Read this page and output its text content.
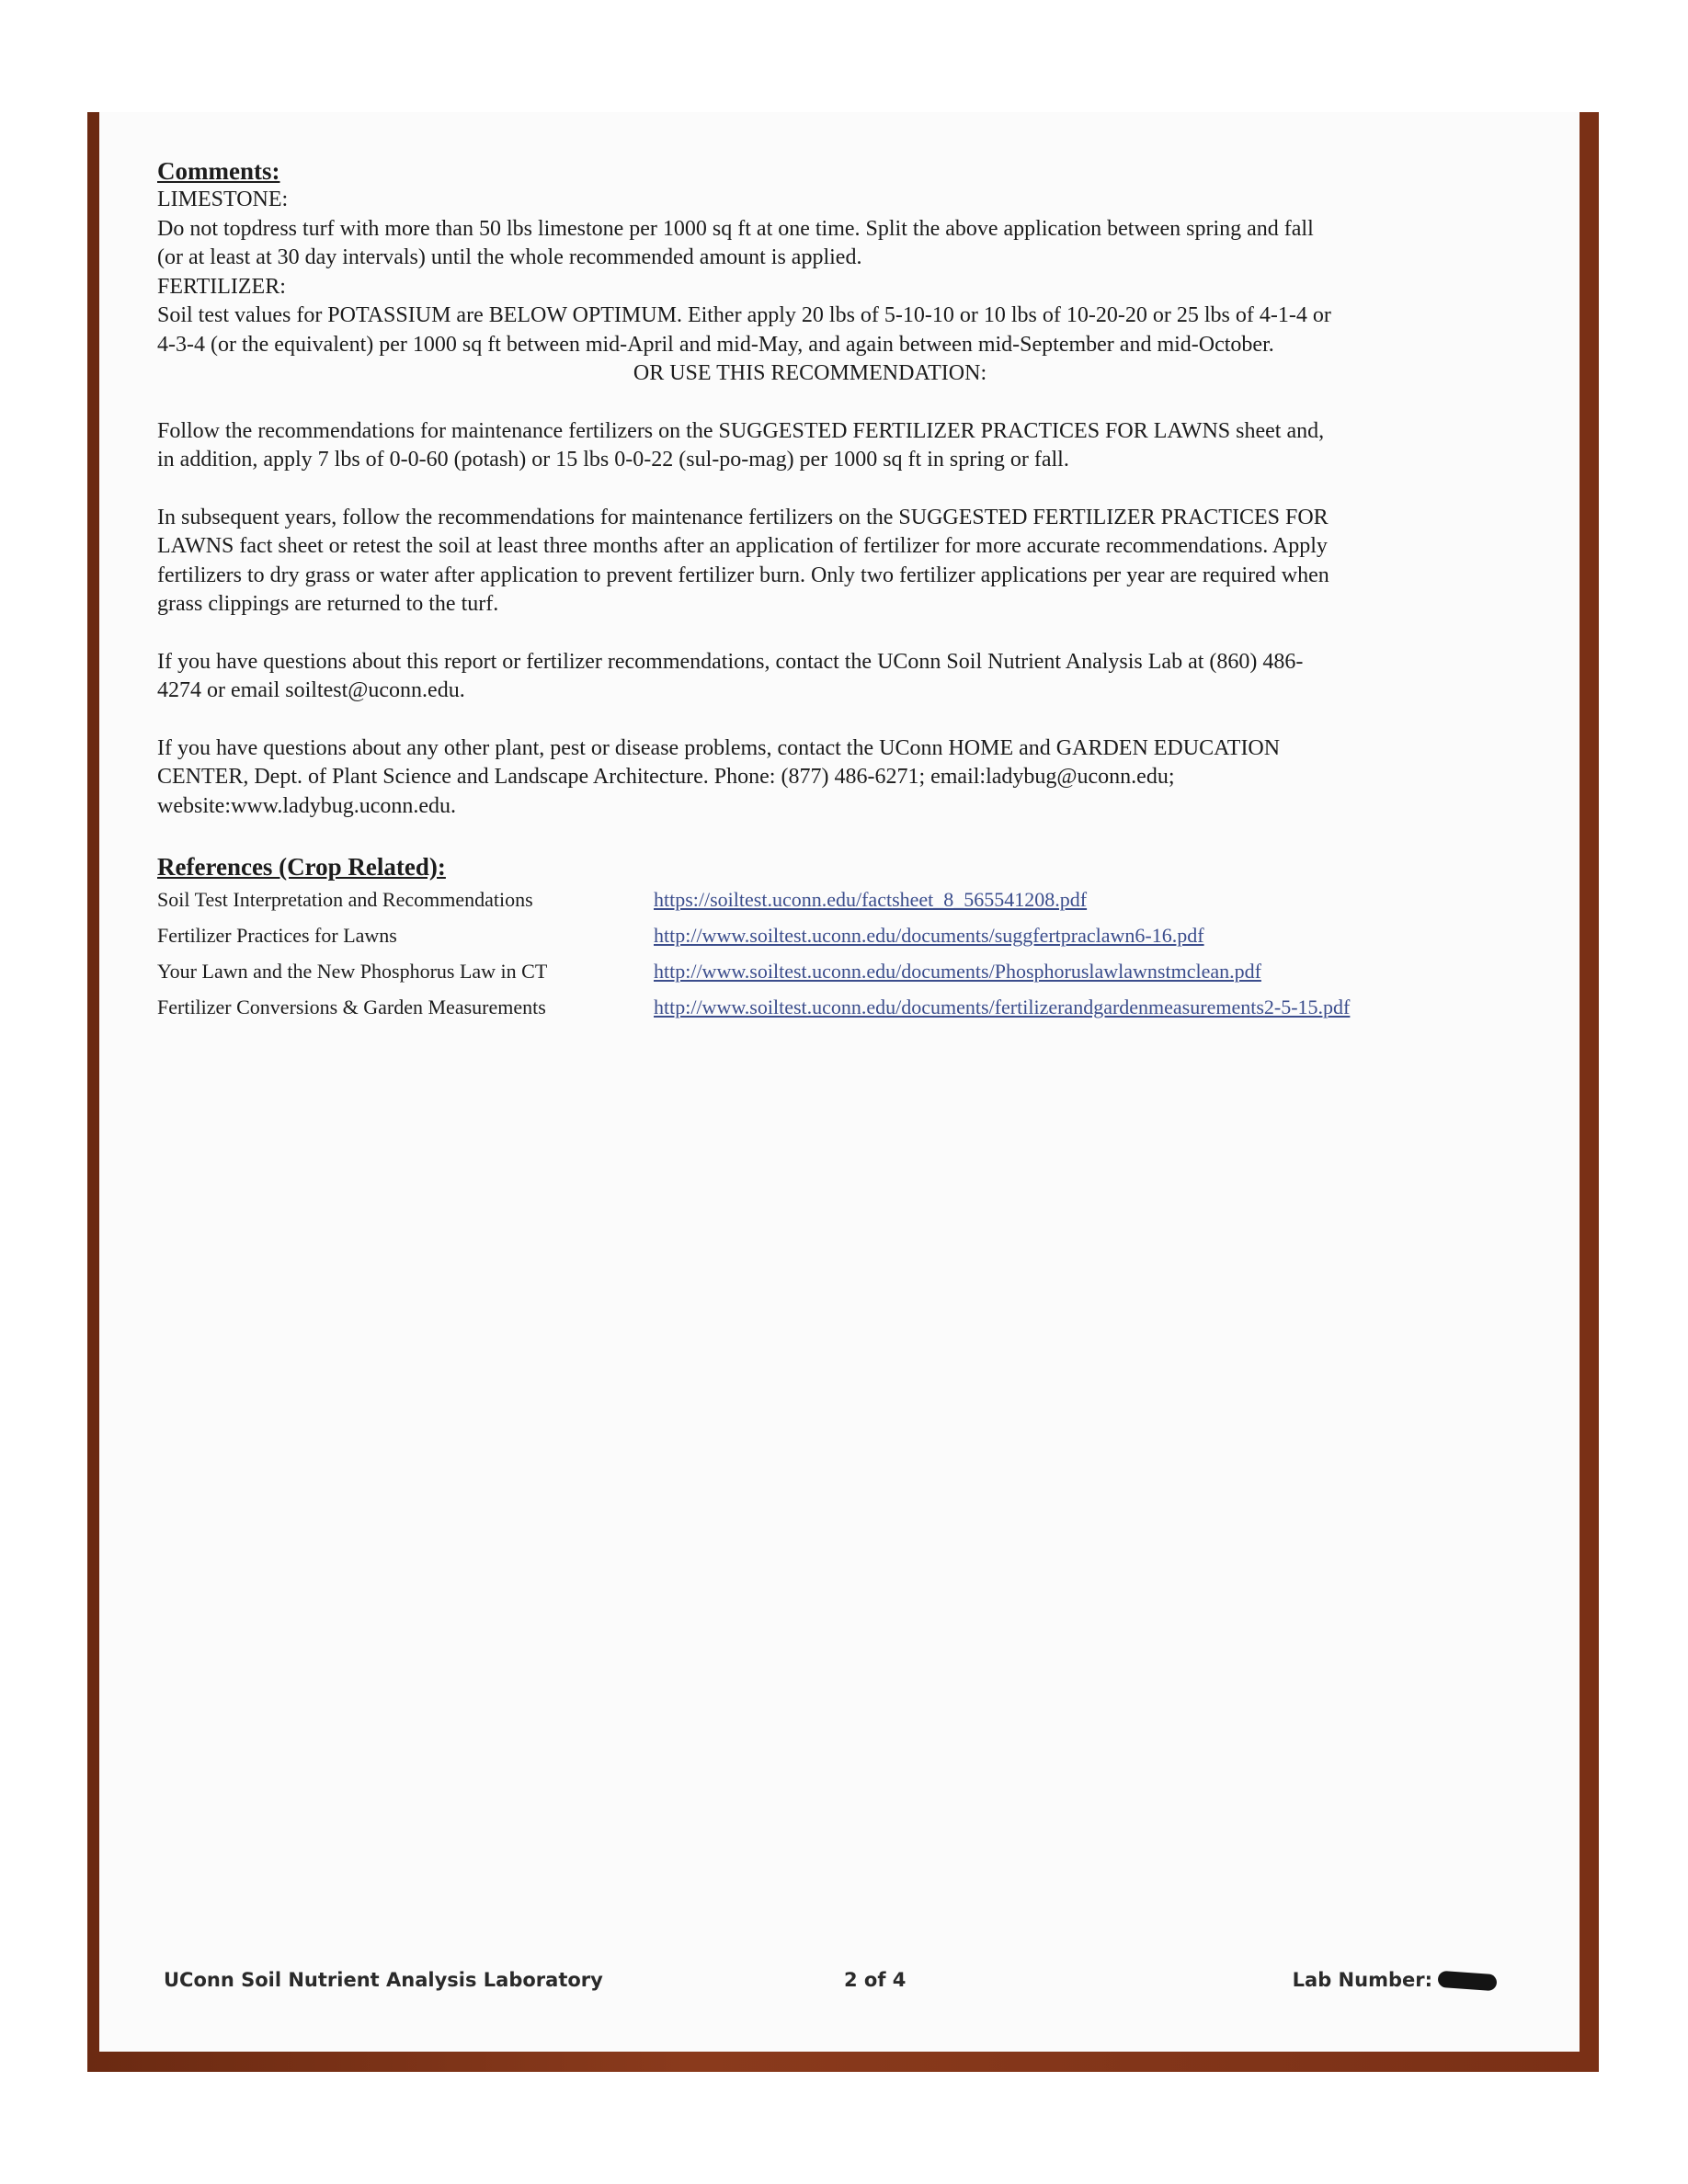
Comments:
LIMESTONE:
Do not topdress turf with more than 50 lbs limestone per 1000 sq ft at one time. Split the above application between spring and fall
(or at least at 30 day intervals) until the whole recommended amount is applied.
FERTILIZER:
Soil test values for POTASSIUM are BELOW OPTIMUM. Either apply 20 lbs of 5-10-10 or 10 lbs of 10-20-20 or 25 lbs of 4-1-4 or
4-3-4 (or the equivalent) per 1000 sq ft between mid-April and mid-May, and again between mid-September and mid-October.
OR USE THIS RECOMMENDATION:
Follow the recommendations for maintenance fertilizers on the SUGGESTED FERTILIZER PRACTICES FOR LAWNS sheet and,
in addition, apply 7 lbs of 0-0-60 (potash) or 15 lbs 0-0-22 (sul-po-mag) per 1000 sq ft in spring or fall.
In subsequent years, follow the recommendations for maintenance fertilizers on the SUGGESTED FERTILIZER PRACTICES FOR
LAWNS fact sheet or retest the soil at least three months after an application of fertilizer for more accurate recommendations. Apply
fertilizers to dry grass or water after application to prevent fertilizer burn. Only two fertilizer applications per year are required when
grass clippings are returned to the turf.
If you have questions about this report or fertilizer recommendations, contact the UConn Soil Nutrient Analysis Lab at (860) 486-
4274 or email soiltest@uconn.edu.
If you have questions about any other plant, pest or disease problems, contact the UConn HOME and GARDEN EDUCATION
CENTER, Dept. of Plant Science and Landscape Architecture. Phone: (877) 486-6271; email:ladybug@uconn.edu;
website:www.ladybug.uconn.edu.
References (Crop Related):
Soil Test Interpretation and Recommendations	https://soiltest.uconn.edu/factsheet_8_565541208.pdf
Fertilizer Practices for Lawns	http://www.soiltest.uconn.edu/documents/suggfertpraclawn6-16.pdf
Your Lawn and the New Phosphorus Law in CT	http://www.soiltest.uconn.edu/documents/Phosphoruslawlawnstmclean.pdf
Fertilizer Conversions & Garden Measurements	http://www.soiltest.uconn.edu/documents/fertilizerandgardenmeasurements2-5-15.pdf
UConn Soil Nutrient Analysis Laboratory	2 of 4	Lab Number:
